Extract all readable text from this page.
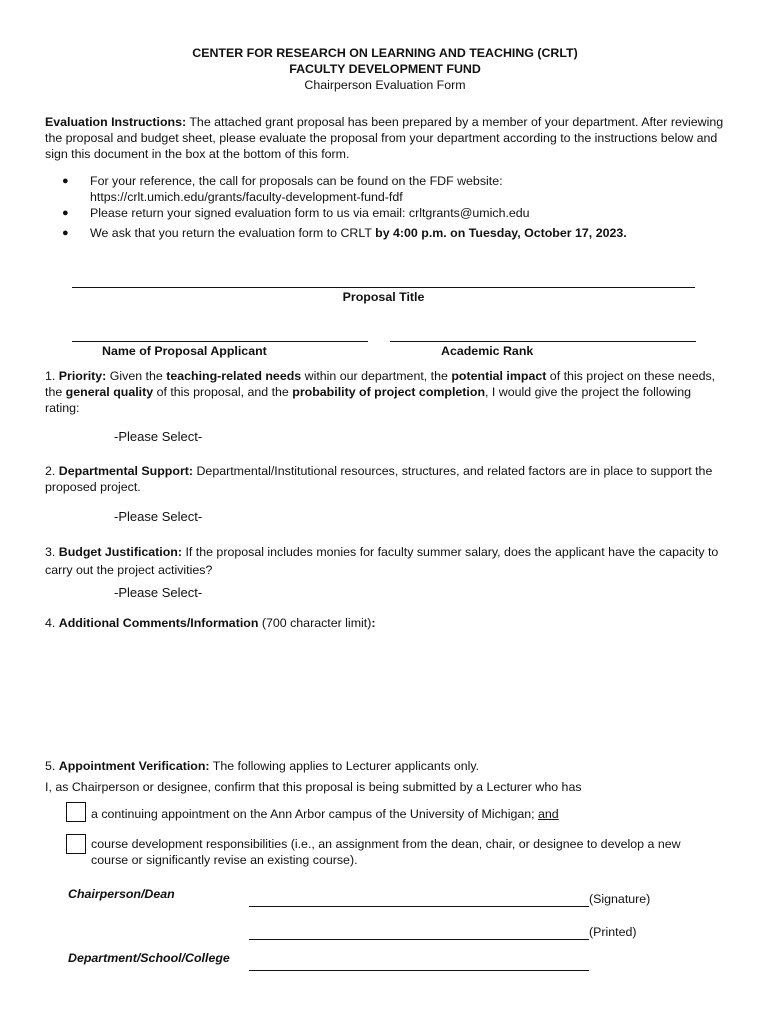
CENTER FOR RESEARCH ON LEARNING AND TEACHING (CRLT)
FACULTY DEVELOPMENT FUND
Chairperson Evaluation Form
Evaluation Instructions: The attached grant proposal has been prepared by a member of your department. After reviewing the proposal and budget sheet, please evaluate the proposal from your department according to the instructions below and sign this document in the box at the bottom of this form.
● For your reference, the call for proposals can be found on the FDF website:
https://crlt.umich.edu/grants/faculty-development-fund-fdf
● Please return your signed evaluation form to us via email: crltgrants@umich.edu
● We ask that you return the evaluation form to CRLT by 4:00 p.m. on Tuesday, October 17, 2023.
Proposal Title
Name of Proposal Applicant	Academic Rank
1. Priority: Given the teaching-related needs within our department, the potential impact of this project on these needs, the general quality of this proposal, and the probability of project completion, I would give the project the following rating:
-Please Select-
2. Departmental Support: Departmental/Institutional resources, structures, and related factors are in place to support the proposed project.
-Please Select-
3. Budget Justification: If the proposal includes monies for faculty summer salary, does the applicant have the capacity to carry out the project activities?
-Please Select-
4. Additional Comments/Information (700 character limit):
5. Appointment Verification: The following applies to Lecturer applicants only.
I, as Chairperson or designee, confirm that this proposal is being submitted by a Lecturer who has
a continuing appointment on the Ann Arbor campus of the University of Michigan; and
course development responsibilities (i.e., an assignment from the dean, chair, or designee to develop a new course or significantly revise an existing course).
Chairperson/Dean	(Signature)
(Printed)
Department/School/College
